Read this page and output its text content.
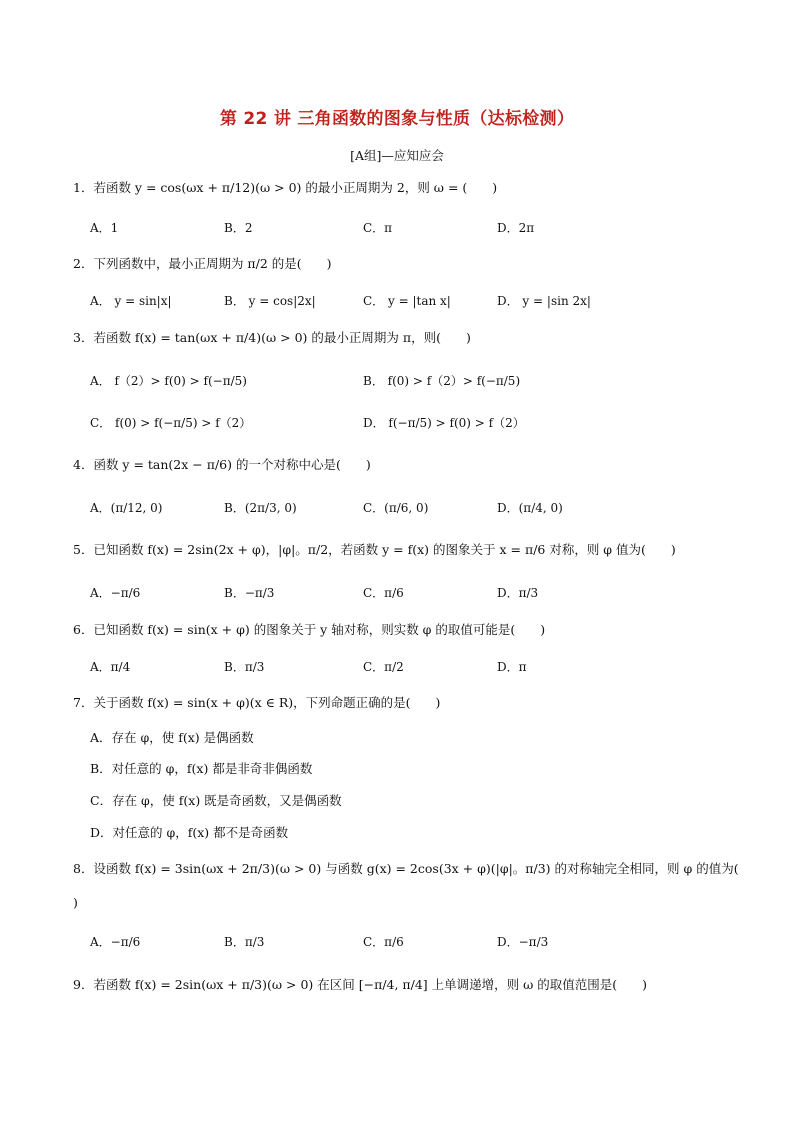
第 22 讲 三角函数的图象与性质（达标检测）
[A组]—应知应会
1．若函数 y = cos(ωx + π/12)(ω > 0) 的最小正周期为 2，则 ω = (　　)
A．1	B．2	C．π	D．2π
2．下列函数中，最小正周期为 π/2 的是(　　)
A． y = sin|x|	B． y = cos|2x|	C． y = |tan x|	D． y = |sin 2x|
3．若函数 f(x) = tan(ωx + π/4)(ω > 0) 的最小正周期为 π，则(　　)
A． f（2）> f(0) > f(−π/5)	B． f(0) > f（2）> f(−π/5)
C． f(0) > f(−π/5) > f（2）	D． f(−π/5) > f(0) > f（2）
4．函数 y = tan(2x − π/6) 的一个对称中心是(　　)
A．(π/12, 0)	B．(2π/3, 0)	C．(π/6, 0)	D．(π/4, 0)
5．已知函数 f(x) = 2sin(2x + φ)，|φ|。π/2，若函数 y = f(x) 的图象关于 x = π/6 对称，则 φ 值为(　　)
A．−π/6	B．−π/3	C．π/6	D．π/3
6．已知函数 f(x) = sin(x + φ) 的图象关于 y 轴对称，则实数 φ 的取值可能是(　　)
A．π/4	B．π/3	C．π/2	D．π
7．关于函数 f(x) = sin(x + φ)(x ∈ R)，下列命题正确的是(　　)
A．存在 φ，使 f(x) 是偶函数
B．对任意的 φ，f(x) 都是非奇非偶函数
C．存在 φ，使 f(x) 既是奇函数，又是偶函数
D．对任意的 φ，f(x) 都不是奇函数
8．设函数 f(x) = 3sin(ωx + 2π/3)(ω > 0) 与函数 g(x) = 2cos(3x + φ)(|φ|。π/3) 的对称轴完全相同，则 φ 的值为(
)
A．−π/6	B．π/3	C．π/6	D．−π/3
9．若函数 f(x) = 2sin(ωx + π/3)(ω > 0) 在区间 [−π/4, π/4] 上单调递增，则 ω 的取值范围是(　　)
